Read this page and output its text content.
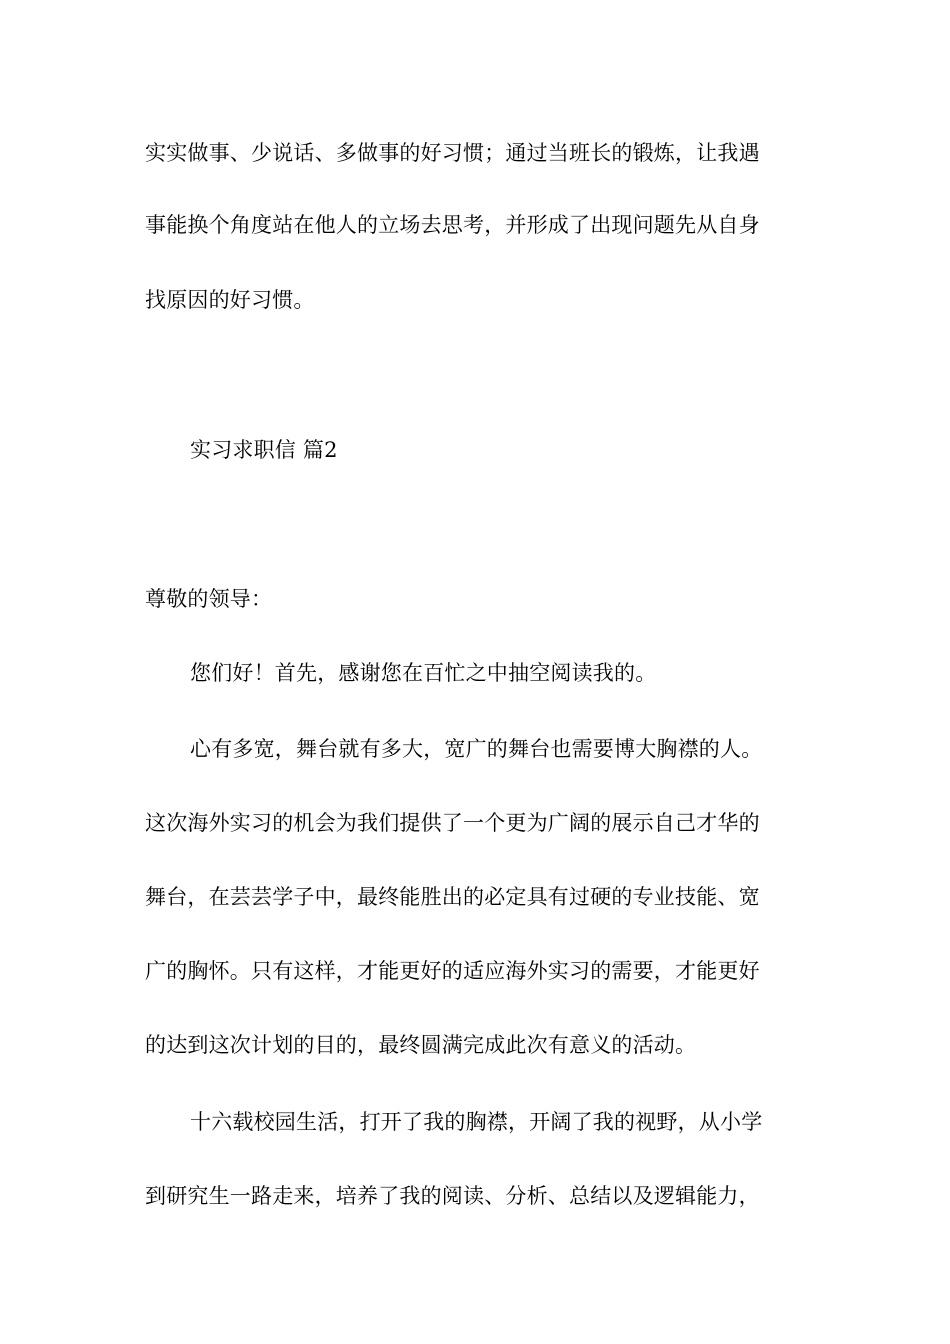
实实做事、少说话、多做事的好习惯；通过当班长的锻炼，让我遇
事能换个角度站在他人的立场去思考，并形成了出现问题先从自身
找原因的好习惯。
实习求职信 篇2
尊敬的领导：
您们好！首先，感谢您在百忙之中抽空阅读我的。
心有多宽，舞台就有多大，宽广的舞台也需要博大胸襟的人。
这次海外实习的机会为我们提供了一个更为广阔的展示自己才华的
舞台，在芸芸学子中，最终能胜出的必定具有过硬的专业技能、宽
广的胸怀。只有这样，才能更好的适应海外实习的需要，才能更好
的达到这次计划的目的，最终圆满完成此次有意义的活动。
十六载校园生活，打开了我的胸襟，开阔了我的视野，从小学
到研究生一路走来，培养了我的阅读、分析、总结以及逻辑能力，
